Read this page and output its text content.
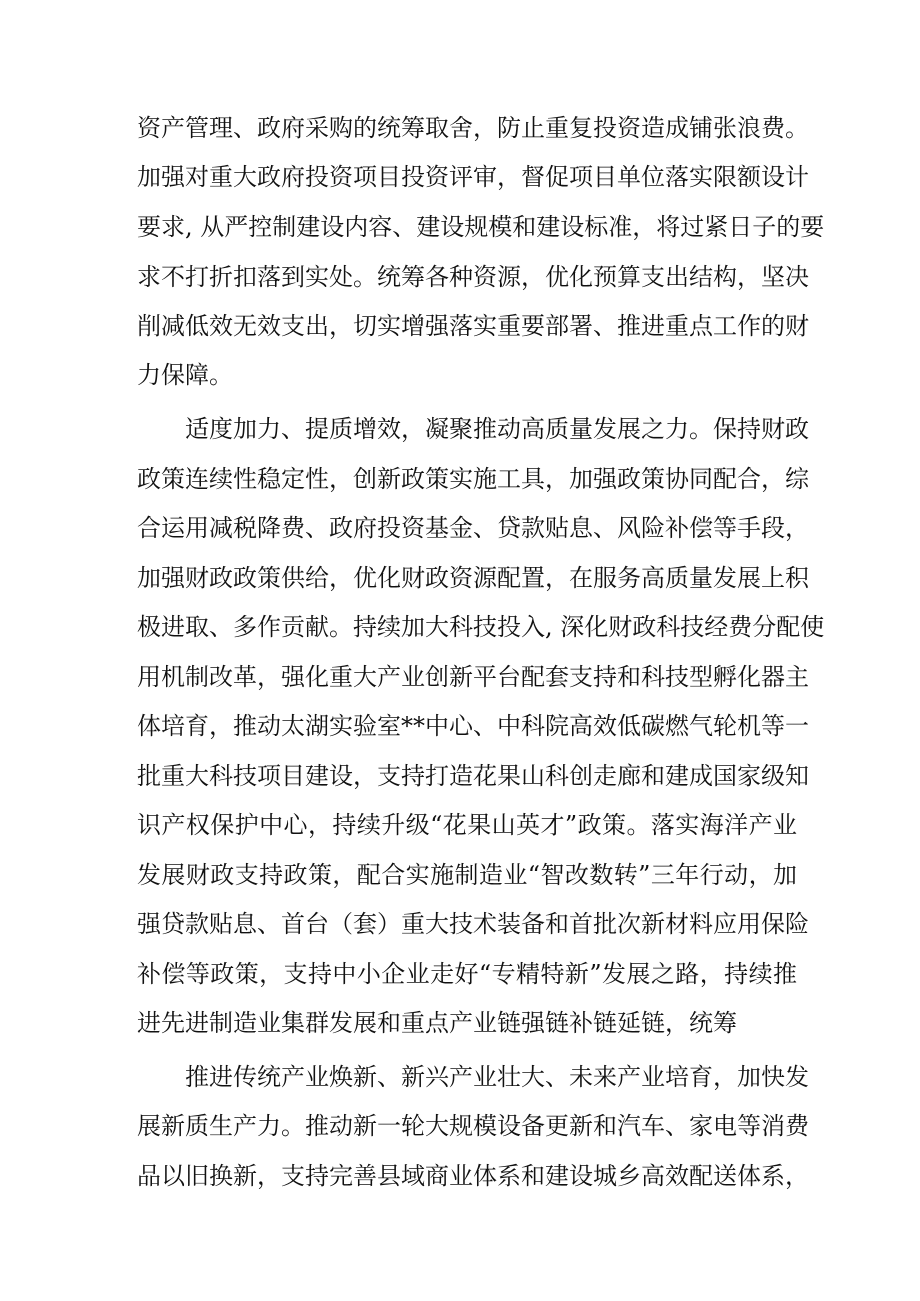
资产管理、政府采购的统筹取舍，防止重复投资造成铺张浪费。
加强对重大政府投资项目投资评审，督促项目单位落实限额设计
要求, 从严控制建设内容、建设规模和建设标准，将过紧日子的要
求不打折扣落到实处。统筹各种资源，优化预算支出结构，坚决
削减低效无效支出，切实增强落实重要部署、推进重点工作的财
力保障。
适度加力、提质增效，凝聚推动高质量发展之力。保持财政
政策连续性稳定性，创新政策实施工具，加强政策协同配合，综
合运用减税降费、政府投资基金、贷款贴息、风险补偿等手段，
加强财政政策供给，优化财政资源配置，在服务高质量发展上积
极进取、多作贡献。持续加大科技投入, 深化财政科技经费分配使
用机制改革，强化重大产业创新平台配套支持和科技型孵化器主
体培育，推动太湖实验室**中心、中科院高效低碳燃气轮机等一
批重大科技项目建设，支持打造花果山科创走廊和建成国家级知
识产权保护中心，持续升级“花果山英才”政策。落实海洋产业
发展财政支持政策，配合实施制造业“智改数转”三年行动，加
强贷款贴息、首台（套）重大技术装备和首批次新材料应用保险
补偿等政策，支持中小企业走好“专精特新”发展之路，持续推
进先进制造业集群发展和重点产业链强链补链延链，统筹
推进传统产业焕新、新兴产业壮大、未来产业培育，加快发
展新质生产力。推动新一轮大规模设备更新和汽车、家电等消费
品以旧换新，支持完善县域商业体系和建设城乡高效配送体系，
